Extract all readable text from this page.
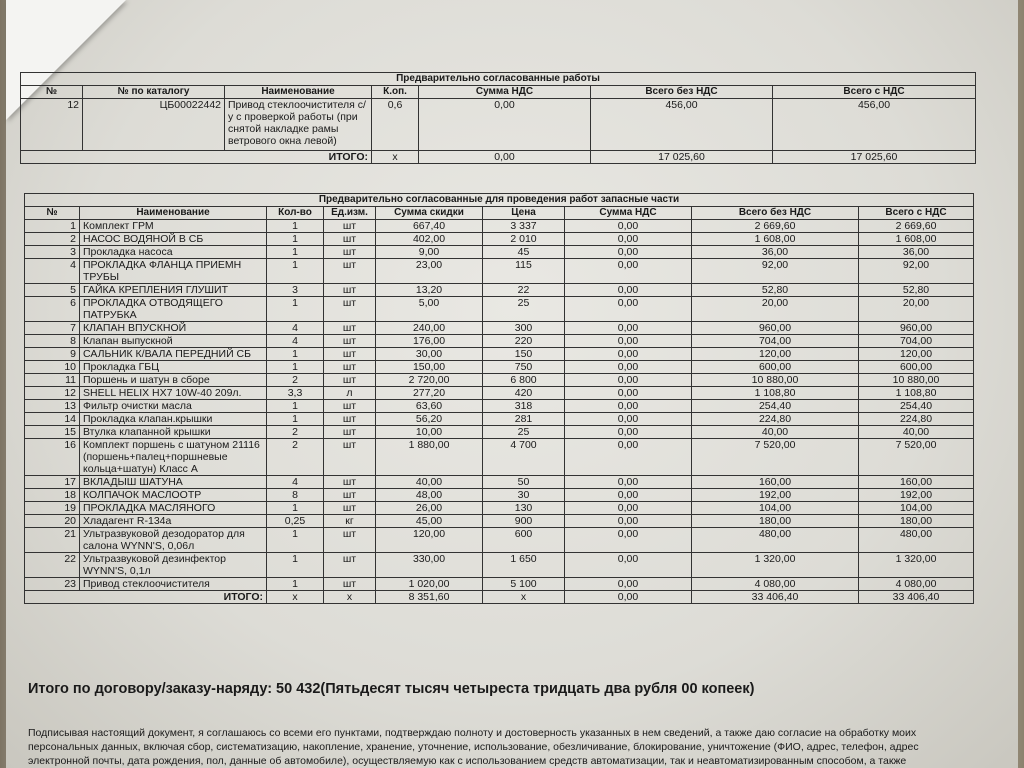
Предварительно согласованные работы						
№	№ по каталогу	Наименование	К.оп.	Сумма НДС	Всего без НДС	Всего с НДС
12	ЦБ00022442	Привод стеклоочистителя с/у с проверкой работы (при снятой накладке рамы ветрового окна левой)	0,6	0,00	456,00	456,00
ИТОГО:			х	0,00	17 025,60	17 025,60
Предварительно согласованные для проведения работ запасные части								
№	Наименование	Кол-во	Ед.изм.	Сумма скидки	Цена	Сумма НДС	Всего без НДС	Всего с НДС
1	Комплект ГРМ	1	шт	667,40	3 337	0,00	2 669,60	2 669,60
2	НАСОС ВОДЯНОЙ В СБ	1	шт	402,00	2 010	0,00	1 608,00	1 608,00
3	Прокладка насоса	1	шт	9,00	45	0,00	36,00	36,00
4	ПРОКЛАДКА ФЛАНЦА ПРИЕМН ТРУБЫ	1	шт	23,00	115	0,00	92,00	92,00
5	ГАЙКА КРЕПЛЕНИЯ ГЛУШИТ	3	шт	13,20	22	0,00	52,80	52,80
6	ПРОКЛАДКА ОТВОДЯЩЕГО ПАТРУБКА	1	шт	5,00	25	0,00	20,00	20,00
7	КЛАПАН ВПУСКНОЙ	4	шт	240,00	300	0,00	960,00	960,00
8	Клапан выпускной	4	шт	176,00	220	0,00	704,00	704,00
9	САЛЬНИК К/ВАЛА ПЕРЕДНИЙ СБ	1	шт	30,00	150	0,00	120,00	120,00
10	Прокладка ГБЦ	1	шт	150,00	750	0,00	600,00	600,00
11	Поршень и шатун в сборе	2	шт	2 720,00	6 800	0,00	10 880,00	10 880,00
12	SHELL HELIX HX7 10W-40 209л.	3,3	л	277,20	420	0,00	1 108,80	1 108,80
13	Фильтр очистки масла	1	шт	63,60	318	0,00	254,40	254,40
14	Прокладка клапан.крышки	1	шт	56,20	281	0,00	224,80	224,80
15	Втулка клапанной крышки	2	шт	10,00	25	0,00	40,00	40,00
16	Комплект поршень с шатуном 21116 (поршень+палец+поршневые кольца+шатун) Класс А	2	шт	1 880,00	4 700	0,00	7 520,00	7 520,00
17	ВКЛАДЫШ ШАТУНА	4	шт	40,00	50	0,00	160,00	160,00
18	КОЛПАЧОК МАСЛООТР	8	шт	48,00	30	0,00	192,00	192,00
19	ПРОКЛАДКА МАСЛЯНОГО	1	шт	26,00	130	0,00	104,00	104,00
20	Хладагент R-134a	0,25	кг	45,00	900	0,00	180,00	180,00
21	Ультразвуковой дезодоратор для салона WYNN'S, 0,06л	1	шт	120,00	600	0,00	480,00	480,00
22	Ультразвуковой дезинфектор WYNN'S, 0,1л	1	шт	330,00	1 650	0,00	1 320,00	1 320,00
23	Привод стеклоочистителя	1	шт	1 020,00	5 100	0,00	4 080,00	4 080,00
ИТОГО:		х	х	8 351,60	х	0,00	33 406,40	33 406,40
Итого по договору/заказу-наряду: 50 432(Пятьдесят тысяч четыреста тридцать два рубля 00 копеек)
Подписывая настоящий документ, я соглашаюсь со всеми его пунктами, подтверждаю полноту и достоверность указанных в нем сведений, а также даю согласие на обработку моих
персональных данных, включая сбор, систематизацию, накопление, хранение, уточнение, использование, обезличивание, блокирование, уничтожение (ФИО, адрес, телефон, адрес
электронной почты, дата рождения, пол, данные об автомобиле), осуществляемую как с использованием средств автоматизации, так и неавтоматизированным способом, а также
